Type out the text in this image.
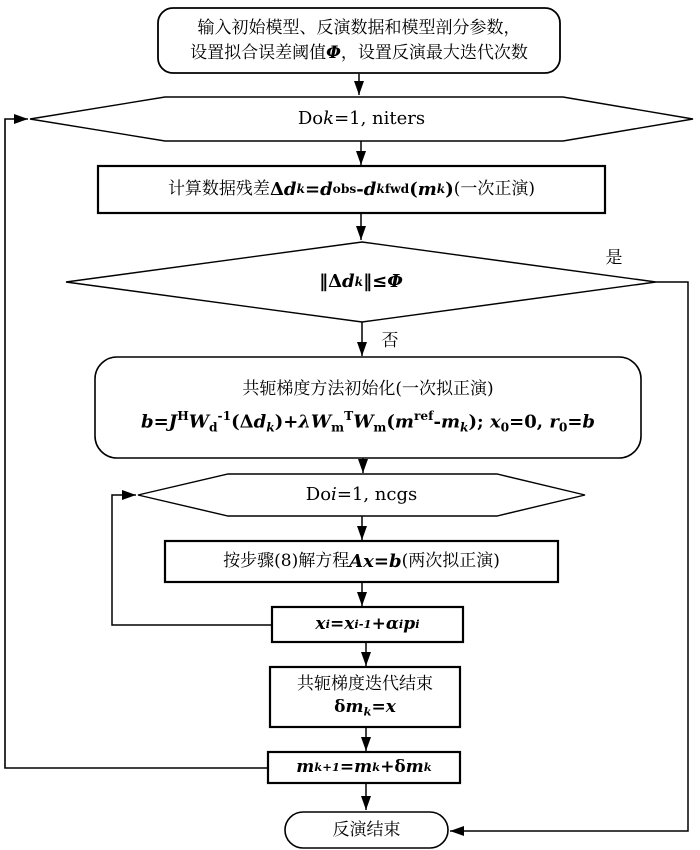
输入初始模型、反演数据和模型剖分参数，
设置拟合误差阈值Φ，设置反演最大迭代次数
Do k =1, niters
计算数据残差 Δ d k = d obs - d k fwd ( m k ) (一次正演)
‖Δ d k ‖≤ Φ
是
否
共轭梯度方法初始化(一次拟正演)
$b=J^HW_d^{-1}(\Delta d_k)+\lambda W_m^TW_m(m^{ref}-m_k)$; $x_0=0$, $r_0=b$
Do i =1, ncgs
按步骤(8)解方程 Ax = b (两次拟正演)
x i = x i-1 + α i p i
共轭梯度迭代结束
$\delta m_k=x$
m k+1 = m k +δ m k
反演结束
